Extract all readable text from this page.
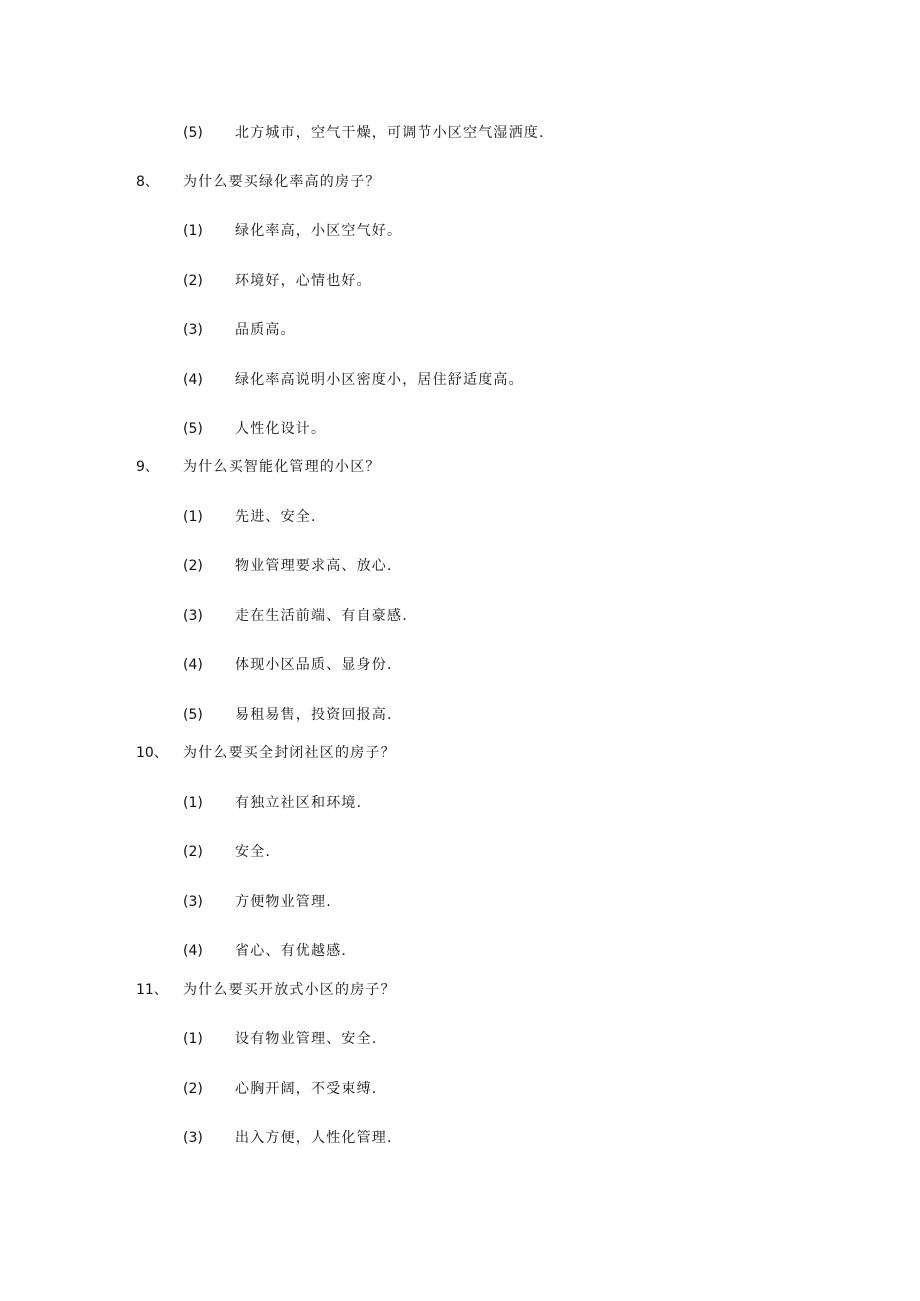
(5) 北方城市，空气干燥，可调节小区空气湿洒度.
8、 为什么要买绿化率高的房子？
(1) 绿化率高，小区空气好。
(2) 环境好，心情也好。
(3) 品质高。
(4) 绿化率高说明小区密度小，居住舒适度高。
(5) 人性化设计。
9、 为什么买智能化管理的小区？
(1) 先进、安全.
(2) 物业管理要求高、放心.
(3) 走在生活前端、有自豪感.
(4) 体现小区品质、显身份.
(5) 易租易售，投资回报高.
10、 为什么要买全封闭社区的房子？
(1) 有独立社区和环境.
(2) 安全.
(3) 方便物业管理.
(4) 省心、有优越感.
11、 为什么要买开放式小区的房子？
(1) 设有物业管理、安全.
(2) 心胸开阔，不受束缚.
(3) 出入方便，人性化管理.
